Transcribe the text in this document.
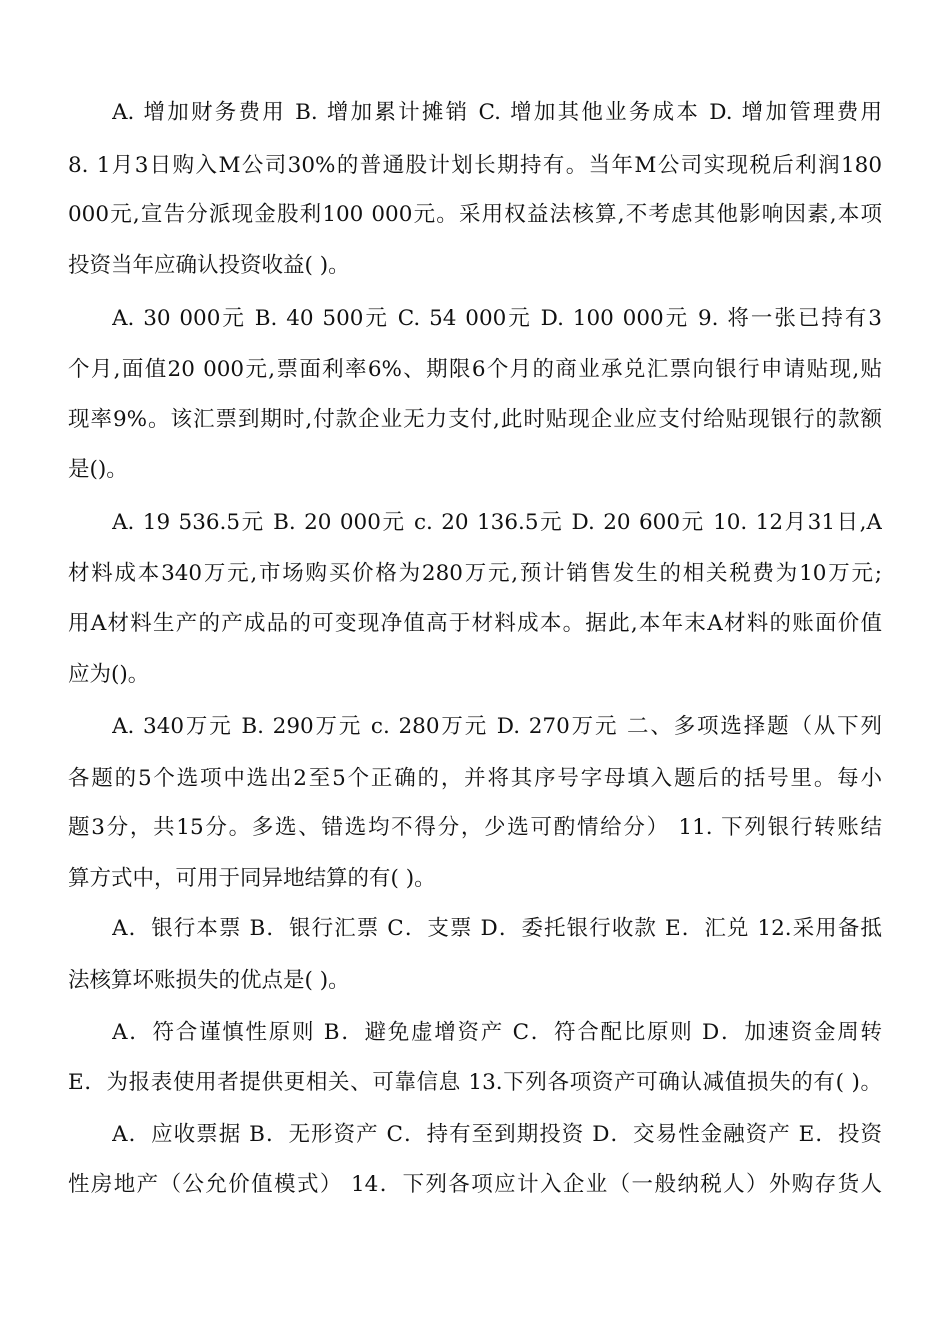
A. 增加财务费用 B. 增加累计摊销 C. 增加其他业务成本 D. 增加管理费用
8. 1月3日购入M公司30%的普通股计划长期持有。当年M公司实现税后利润180
000元,宣告分派现金股利100 000元。采用权益法核算,不考虑其他影响因素,本项
投资当年应确认投资收益( )。
A. 30 000元 B. 40 500元 C. 54 000元 D. 100 000元 9. 将一张已持有3
个月,面值20 000元,票面利率6%、期限6个月的商业承兑汇票向银行申请贴现,贴
现率9%。该汇票到期时,付款企业无力支付,此时贴现企业应支付给贴现银行的款额
是()。
A. 19 536.5元 B. 20 000元 c. 20 136.5元 D. 20 600元 10. 12月31日,A
材料成本340万元,市场购买价格为280万元,预计销售发生的相关税费为10万元;
用A材料生产的产成品的可变现净值高于材料成本。据此,本年末A材料的账面价值
应为()。
A. 340万元 B. 290万元 c. 280万元 D. 270万元 二、多项选择题（从下列
各题的5个选项中选出2至5个正确的，并将其序号字母填入题后的括号里。每小
题3分，共15分。多选、错选均不得分，少选可酌情给分） 11. 下列银行转账结
算方式中，可用于同异地结算的有( )。
A．银行本票 B．银行汇票 C．支票 D．委托银行收款 E．汇兑 12.采用备抵
法核算坏账损失的优点是( )。
A．符合谨慎性原则 B．避免虚增资产 C．符合配比原则 D．加速资金周转
E．为报表使用者提供更相关、可靠信息 13.下列各项资产可确认减值损失的有( )。
A．应收票据 B．无形资产 C．持有至到期投资 D．交易性金融资产 E．投资
性房地产（公允价值模式） 14．下列各项应计入企业（一般纳税人）外购存货人
